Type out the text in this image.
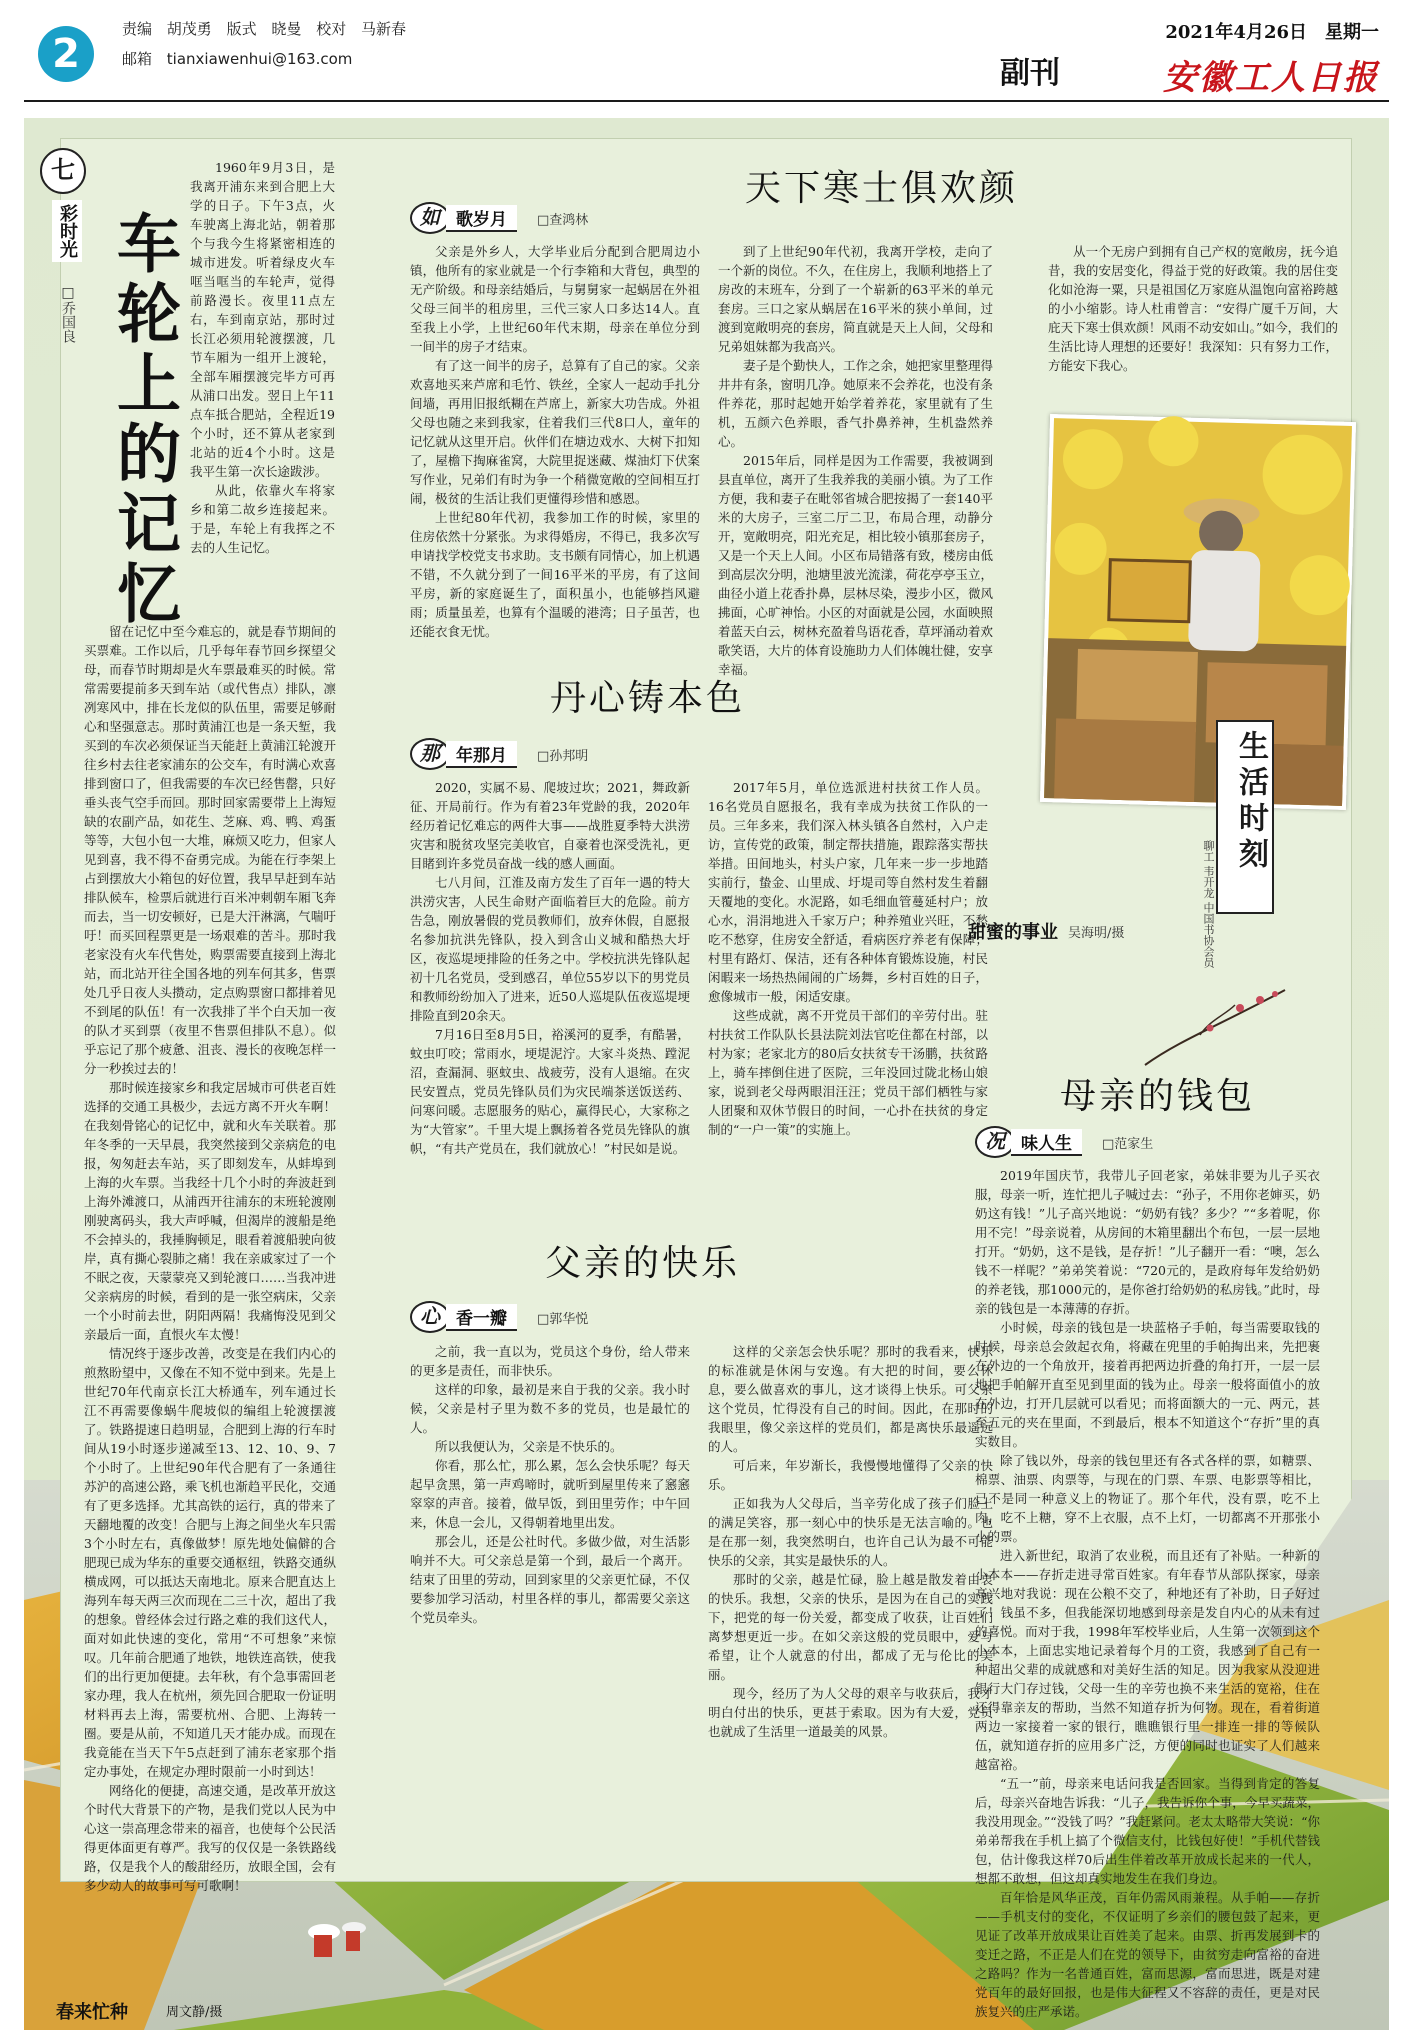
2
责编 胡茂勇 版式 晓曼 校对 马新春
邮箱 tianxiawenhui@163.com	副刊
2021年4月26日　星期一
安徽工人日报
七
彩时光
□乔国良 车轮上的记忆

1960年9月3日，是我离开浦东来到合肥上大学的日子。下午3点，火车驶离上海北站，朝着那个与我今生将紧密相连的城市进发。听着绿皮火车哐当哐当的车轮声，觉得前路漫长。夜里11点左右，车到南京站，那时过长江必须用轮渡摆渡，几节车厢为一组开上渡轮，全部车厢摆渡完毕方可再从浦口出发。翌日上午11点车抵合肥站，全程近19个小时，还不算从老家到北站的近4个小时。这是我平生第一次长途跋涉。

从此，依靠火车将家乡和第二故乡连接起来。于是，车轮上有我挥之不去的人生记忆。

留在记忆中至今难忘的，就是春节期间的买票难。工作以后，几乎每年春节回乡探望父母，而春节时期却是火车票最难买的时候。常常需要提前多天到车站（或代售点）排队，凛冽寒风中，排在长龙似的队伍里，需要足够耐心和坚强意志。那时黄浦江也是一条天堑，我买到的车次必须保证当天能赶上黄浦江轮渡开往乡村去往老家浦东的公交车，有时满心欢喜排到窗口了，但我需要的车次已经售罄，只好垂头丧气空手而回。那时回家需要带上上海短缺的农副产品，如花生、芝麻、鸡、鸭、鸡蛋等等，大包小包一大堆，麻烦又吃力，但家人见到喜，我不得不奋勇完成。为能在行李架上占到摆放大小箱包的好位置，我早早赶到车站排队候车，检票后就进行百米冲刺朝车厢飞奔而去，当一切安顿好，已是大汗淋漓，气喘吁吁！而买回程票更是一场艰难的苦斗。那时我老家没有火车代售处，购票需要直接到上海北站，而北站开往全国各地的列车何其多，售票处几乎日夜人头攒动，定点购票窗口都排着见不到尾的队伍！有一次我排了半个白天加一夜的队才买到票（夜里不售票但排队不息）。似乎忘记了那个疲惫、沮丧、漫长的夜晚怎样一分一秒挨过去的！

那时候连接家乡和我定居城市可供老百姓选择的交通工具极少，去远方离不开火车啊！在我刻骨铭心的记忆中，就和火车关联着。那年冬季的一天早晨，我突然接到父亲病危的电报，匆匆赶去车站，买了即刻发车，从蚌埠到上海的火车票。当我经十几个小时的奔波赶到上海外滩渡口，从浦西开往浦东的末班轮渡刚刚驶离码头，我大声呼喊，但渴岸的渡船是绝不会掉头的，我捶胸顿足，眼看着渡船驶向彼岸，真有撕心裂肺之痛！我在亲戚家过了一个不眠之夜，天蒙蒙亮又到轮渡口……当我冲进父亲病房的时候，看到的是一张空病床，父亲一个小时前去世，阴阳两隔！我痛悔没见到父亲最后一面，直恨火车太慢！

情况终于逐步改善，改变是在我们内心的煎熬盼望中，又像在不知不觉中到来。先是上世纪70年代南京长江大桥通车，列车通过长江不再需要像蜗牛爬坡似的编组上轮渡摆渡了。铁路提速日趋明显，合肥到上海的行车时间从19小时逐步递减至13、12、10、9、7个小时了。上世纪90年代合肥有了一条通往苏沪的高速公路，乘飞机也渐趋平民化，交通有了更多选择。尤其高铁的运行，真的带来了天翻地覆的改变！合肥与上海之间坐火车只需3个小时左右，真像做梦！原先地处偏僻的合肥现已成为华东的重要交通枢纽，铁路交通纵横成网，可以抵达天南地北。原来合肥直达上海列车每天两三次而现在二三十次，超出了我的想象。曾经体会过行路之难的我们这代人，面对如此快速的变化，常用“不可想象”来惊叹。几年前合肥通了地铁，地铁连高铁，使我们的出行更加便捷。去年秋，有个急事需回老家办理，我人在杭州，须先回合肥取一份证明材料再去上海，需要杭州、合肥、上海转一圈。要是从前，不知道几天才能办成。而现在我竟能在当天下午5点赶到了浦东老家那个指定办事处，在规定办理时限前一小时到达！

网络化的便捷，高速交通，是改革开放这个时代大背景下的产物，是我们党以人民为中心这一崇高理念带来的福音，也使每个公民活得更体面更有尊严。我写的仅仅是一条铁路线路，仅是我个人的酸甜经历，放眼全国，会有多少动人的故事可写可歌啊！

天下寒士俱欢颜
如 歌岁月	□查鸿林

父亲是外乡人，大学毕业后分配到合肥周边小镇，他所有的家业就是一个行李箱和大背包，典型的无产阶级。和母亲结婚后，与舅舅家一起蜗居在外祖父母三间半的租房里，三代三家人口多达14人。直至我上小学，上世纪60年代末期，母亲在单位分到一间半的房子才结束。

有了这一间半的房子，总算有了自己的家。父亲欢喜地买来芦席和毛竹、铁丝，全家人一起动手扎分间墙，再用旧报纸糊在芦席上，新家大功告成。外祖父母也随之来到我家，住着我们三代8口人，童年的记忆就从这里开启。伙伴们在塘边戏水、大树下扣知了，屋檐下掏麻雀窝，大院里捉迷藏、煤油灯下伏案写作业，兄弟们有时为争一个稍微宽敞的空间相互打闹，极贫的生活让我们更懂得珍惜和感恩。

上世纪80年代初，我参加工作的时候，家里的住房依然十分紧张。为求得婚房，不得已，我多次写申请找学校党支书求助。支书颇有同情心，加上机遇不错，不久就分到了一间16平米的平房，有了这间平房，新的家庭诞生了，面积虽小，也能够挡风避雨；质量虽差，也算有个温暖的港湾；日子虽苦，也还能衣食无忧。

到了上世纪90年代初，我离开学校，走向了一个新的岗位。不久，在住房上，我顺利地搭上了房改的末班车，分到了一个崭新的63平米的单元套房。三口之家从蜗居在16平米的狭小单间，过渡到宽敞明亮的套房，简直就是天上人间，父母和兄弟姐妹都为我高兴。

妻子是个勤快人，工作之余，她把家里整理得井井有条，窗明几净。她原来不会养花，也没有条件养花，那时起她开始学着养花，家里就有了生机，五颜六色养眼，香气扑鼻养神，生机盎然养心。

2015年后，同样是因为工作需要，我被调到县直单位，离开了生我养我的美丽小镇。为了工作方便，我和妻子在毗邻省城合肥按揭了一套140平米的大房子，三室二厅二卫，布局合理，动静分开，宽敞明亮，阳光充足，相比较小镇那套房子，又是一个天上人间。小区布局错落有致，楼房由低到高层次分明，池塘里波光流漾，荷花亭亭玉立，曲径小道上花香扑鼻，层林尽染，漫步小区，微风拂面，心旷神怡。小区的对面就是公园，水面映照着蓝天白云，树林充盈着鸟语花香，草坪涌动着欢歌笑语，大片的体育设施助力人们体魄壮健，安享幸福。

从一个无房户到拥有自己产权的宽敞房，抚今追昔，我的安居变化，得益于党的好政策。我的居住变化如沧海一粟，只是祖国亿万家庭从温饱向富裕跨越的小小缩影。诗人杜甫曾言：“安得广厦千万间，大庇天下寒士俱欢颜！风雨不动安如山。”如今，我们的生活比诗人理想的还要好！我深知：只有努力工作，方能安下我心。

生活时刻
聊工 韦开龙 中国书协会员
甜蜜的事业 吴海明/摄
丹心铸本色
那 年那月	□孙邦明

2020，实属不易、爬坡过坎；2021，舞政新征、开局前行。作为有着23年党龄的我，2020年经历着记忆难忘的两件大事——战胜夏季特大洪涝灾害和脱贫攻坚完美收官，自豪着也深受洗礼，更目睹到许多党员奋战一线的感人画面。

七八月间，江淮及南方发生了百年一遇的特大洪涝灾害，人民生命财产面临着巨大的危险。前方告急，刚放暑假的党员教师们，放弃休假，自愿报名参加抗洪先锋队，投入到含山义城和酷热大圩区，夜巡堤埂排险的任务之中。学校抗洪先锋队起初十几名党员，受到感召，单位55岁以下的男党员和教师纷纷加入了进来，近50人巡堤队伍夜巡堤埂排险直到20余天。

7月16日至8月5日，裕溪河的夏季，有酷暑，蚊虫叮咬；常雨水，埂堤泥泞。大家斗炎热、蹚泥沼，查漏洞、驱蚊虫、战疲劳，没有人退缩。在灾民安置点，党员先锋队员们为灾民端茶送饭送药、问寒问暖。志愿服务的贴心，赢得民心，大家称之为“大管家”。千里大堤上飘扬着各党员先锋队的旗帜，“有共产党员在，我们就放心！”村民如是说。

2017年5月，单位选派进村扶贫工作人员。16名党员自愿报名，我有幸成为扶贫工作队的一员。三年多来，我们深入林头镇各自然村，入户走访，宣传党的政策，制定帮扶措施，跟踪落实帮扶举措。田间地头，村头户家，几年来一步一步地踏实前行，蛰金、山里成、圩堤司等自然村发生着翻天覆地的变化。水泥路，如毛细血管蔓延村户；放心水，涓涓地进入千家万户；种养殖业兴旺，不愁吃不愁穿，住房安全舒适，看病医疗养老有保障；村里有路灯、保洁，还有各种体育锻炼设施，村民闲暇来一场热热闹闹的广场舞，乡村百姓的日子，愈像城市一般，闲适安康。

这些成就，离不开党员干部们的辛劳付出。驻村扶贫工作队队长县法院刘法官吃住都在村部，以村为家；老家北方的80后女扶贫专干汤鹏，扶贫路上，骑车摔倒住进了医院，三年没回过陇北杨山娘家，说到老父母两眼泪汪汪；党员干部们栖牲与家人团聚和双休节假日的时间，一心扑在扶贫的身定制的“一户一策”的实施上。

父亲的快乐
心 香一瓣	□郭华悦

之前，我一直以为，党员这个身份，给人带来的更多是责任，而非快乐。

这样的印象，最初是来自于我的父亲。我小时候，父亲是村子里为数不多的党员，也是最忙的人。

所以我便认为，父亲是不快乐的。

你看，那么忙，那么累，怎么会快乐呢？每天起早贪黑，第一声鸡啼时，就听到屋里传来了窸窸窣窣的声音。接着，做早饭，到田里劳作；中午回来，休息一会儿，又得朝着地里出发。

那会儿，还是公社时代。多做少做，对生活影响并不大。可父亲总是第一个到，最后一个离开。结束了田里的劳动，回到家里的父亲更忙碌，不仅要参加学习活动，村里各样的事儿，都需要父亲这个党员牵头。

这样的父亲怎会快乐呢？那时的我看来，快乐的标准就是休闲与安逸。有大把的时间，要么休息，要么做喜欢的事儿，这才谈得上快乐。可父亲这个党员，忙得没有自己的时间。因此，在那时的我眼里，像父亲这样的党员们，都是离快乐最遥远的人。

可后来，年岁渐长，我慢慢地懂得了父亲的快乐。

正如我为人父母后，当辛劳化成了孩子们脸上的满足笑容，那一刻心中的快乐是无法言喻的。也是在那一刻，我突然明白，也许自己认为最不可能快乐的父亲，其实是最快乐的人。

那时的父亲，越是忙碌，脸上越是散发着由衷的快乐。我想，父亲的快乐，是因为在自己的实践下，把党的每一份关爱，都变成了收获，让百姓们离梦想更近一步。在如父亲这般的党员眼中，爱与希望，让个人就意的付出，都成了无与伦比的美丽。

现今，经历了为人父母的艰辛与收获后，我才明白付出的快乐，更甚于索取。因为有大爱，党员也就成了生活里一道最美的风景。

母亲的钱包
况 味人生	□范家生

2019年国庆节，我带儿子回老家，弟妹非要为儿子买衣服，母亲一听，连忙把儿子喊过去：“孙子，不用你老婶买，奶奶这有钱！”儿子高兴地说：“奶奶有钱？多少？”“多着呢，你用不完！”母亲说着，从房间的木箱里翻出个布包，一层一层地打开。“奶奶，这不是钱，是存折！”儿子翻开一看：“噢，怎么钱不一样呢？”弟弟笑着说：“720元的，是政府每年发给奶奶的养老钱，那1000元的，是你爸打给奶奶的私房钱。”此时，母亲的钱包是一本薄薄的存折。

小时候，母亲的钱包是一块蓝格子手帕，每当需要取钱的时候，母亲总会敛起衣角，将藏在兜里的手帕掏出来，先把裹在外边的一个角放开，接着再把两边折叠的角打开，一层一层地把手帕解开直至见到里面的钱为止。母亲一般将面值小的放在外边，打开几层就可以看见；而将面额大的一元、两元，甚至五元的夹在里面，不到最后，根本不知道这个“存折”里的真实数目。

除了钱以外，母亲的钱包里还有各式各样的票，如糖票、棉票、油票、肉票等，与现在的门票、车票、电影票等相比，已不是同一种意义上的物证了。那个年代，没有票，吃不上肉，吃不上糖，穿不上衣服，点不上灯，一切都离不开那张小小的票。

进入新世纪，取消了农业税，而且还有了补贴。一种新的小本本——存折走进寻常百姓家。有年春节从部队探家，母亲高兴地对我说：现在公粮不交了，种地还有了补助，日子好过了！钱虽不多，但我能深切地感到母亲是发自内心的从未有过的喜悦。而对于我，1998年军校毕业后，人生第一次领到这个小本本，上面忠实地记录着每个月的工资，我感到了自己有一种超出父辈的成就感和对美好生活的知足。因为我家从没迎进银行大门存过钱，父母一生的辛劳也换不来生活的宽裕，住在还得靠亲友的帮助，当然不知道存折为何物。现在，看着街道两边一家接着一家的银行，瞧瞧银行里一排连一排的等候队伍，就知道存折的应用多广泛，方便的同时也证实了人们越来越富裕。

“五一”前，母亲来电话问我是否回家。当得到肯定的答复后，母亲兴奋地告诉我：“儿子，我告诉你个事，今早买蔬菜，我没用现金。”“没钱了吗？”我赶紧问。老太太略带大笑说：“你弟弟帮我在手机上搞了个微信支付，比钱包好使！”手机代替钱包，估计像我这样70后出生伴着改革开放成长起来的一代人，想都不敢想，但这却真实地发生在我们身边。

百年恰是风华正茂，百年仍需风雨兼程。从手帕——存折——手机支付的变化，不仅证明了乡亲们的腰包鼓了起来，更见证了改革开放成果让百姓美了起来。由票、折再发展到卡的变迁之路，不正是人们在党的领导下，由贫穷走向富裕的奋进之路吗？作为一名普通百姓，富而思源，富而思进，既是对建党百年的最好回报，也是伟大征程又不容辞的责任，更是对民族复兴的庄严承诺。

春来忙种	周文静/摄
